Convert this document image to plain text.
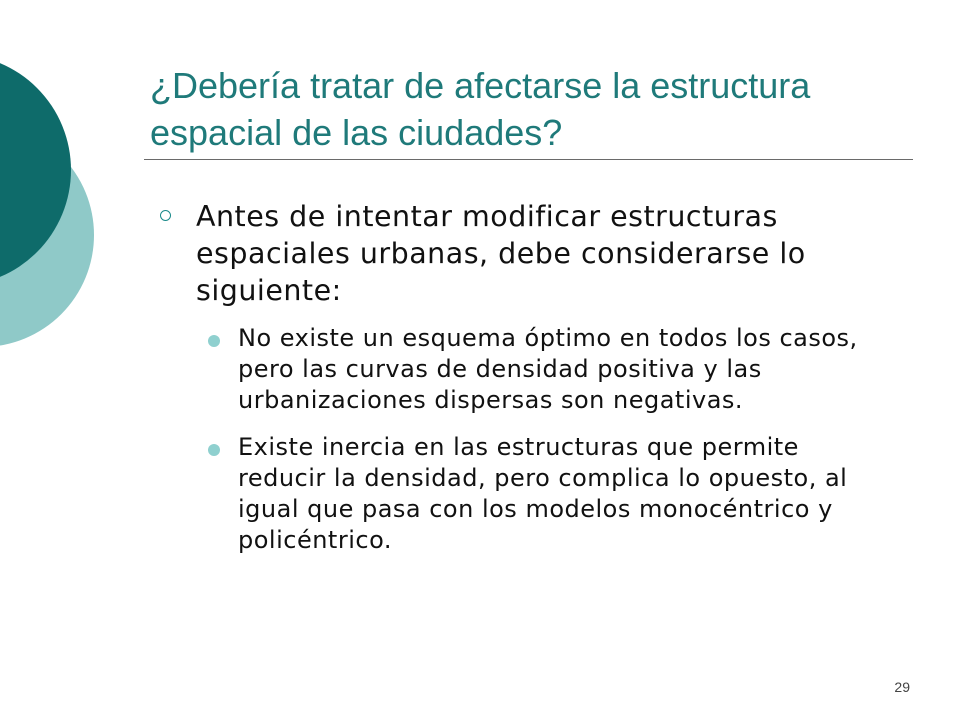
¿Debería tratar de afectarse la estructura espacial de las ciudades?
Antes de intentar modificar estructuras espaciales urbanas, debe considerarse lo siguiente:
No existe un esquema óptimo en todos los casos, pero las curvas de densidad positiva y las urbanizaciones dispersas son negativas.
Existe inercia en las estructuras que permite reducir la densidad, pero complica lo opuesto, al igual que pasa con los modelos monocéntrico y policéntrico.
29
